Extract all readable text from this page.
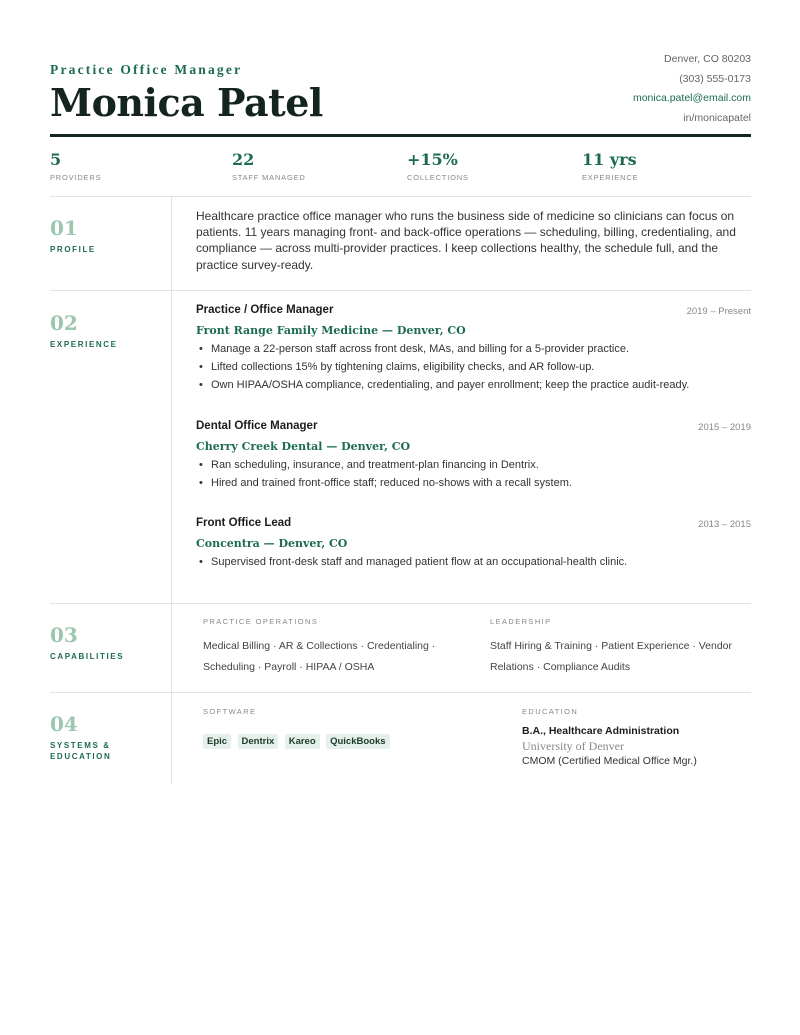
Practice Office Manager
Monica Patel
Denver, CO 80203
(303) 555-0173
monica.patel@email.com
in/monicapatel
5
PROVIDERS
22
STAFF MANAGED
+15%
COLLECTIONS
11 yrs
EXPERIENCE
01
PROFILE
Healthcare practice office manager who runs the business side of medicine so clinicians can focus on patients. 11 years managing front- and back-office operations — scheduling, billing, credentialing, and compliance — across multi-provider practices. I keep collections healthy, the schedule full, and the practice survey-ready.
02
EXPERIENCE
Practice / Office Manager	2019 – Present
Front Range Family Medicine — Denver, CO
• Manage a 22-person staff across front desk, MAs, and billing for a 5-provider practice.
• Lifted collections 15% by tightening claims, eligibility checks, and AR follow-up.
• Own HIPAA/OSHA compliance, credentialing, and payer enrollment; keep the practice audit-ready.
Dental Office Manager	2015 – 2019
Cherry Creek Dental — Denver, CO
• Ran scheduling, insurance, and treatment-plan financing in Dentrix.
• Hired and trained front-office staff; reduced no-shows with a recall system.
Front Office Lead	2013 – 2015
Concentra — Denver, CO
• Supervised front-desk staff and managed patient flow at an occupational-health clinic.
03
CAPABILITIES
PRACTICE OPERATIONS
Medical Billing · AR & Collections · Credentialing ·
Scheduling · Payroll · HIPAA / OSHA
LEADERSHIP
Staff Hiring & Training · Patient Experience · Vendor
Relations · Compliance Audits
04
SYSTEMS &
EDUCATION
SOFTWARE
Epic Dentrix Kareo QuickBooks
EDUCATION
B.A., Healthcare Administration
University of Denver
CMOM (Certified Medical Office Mgr.)
